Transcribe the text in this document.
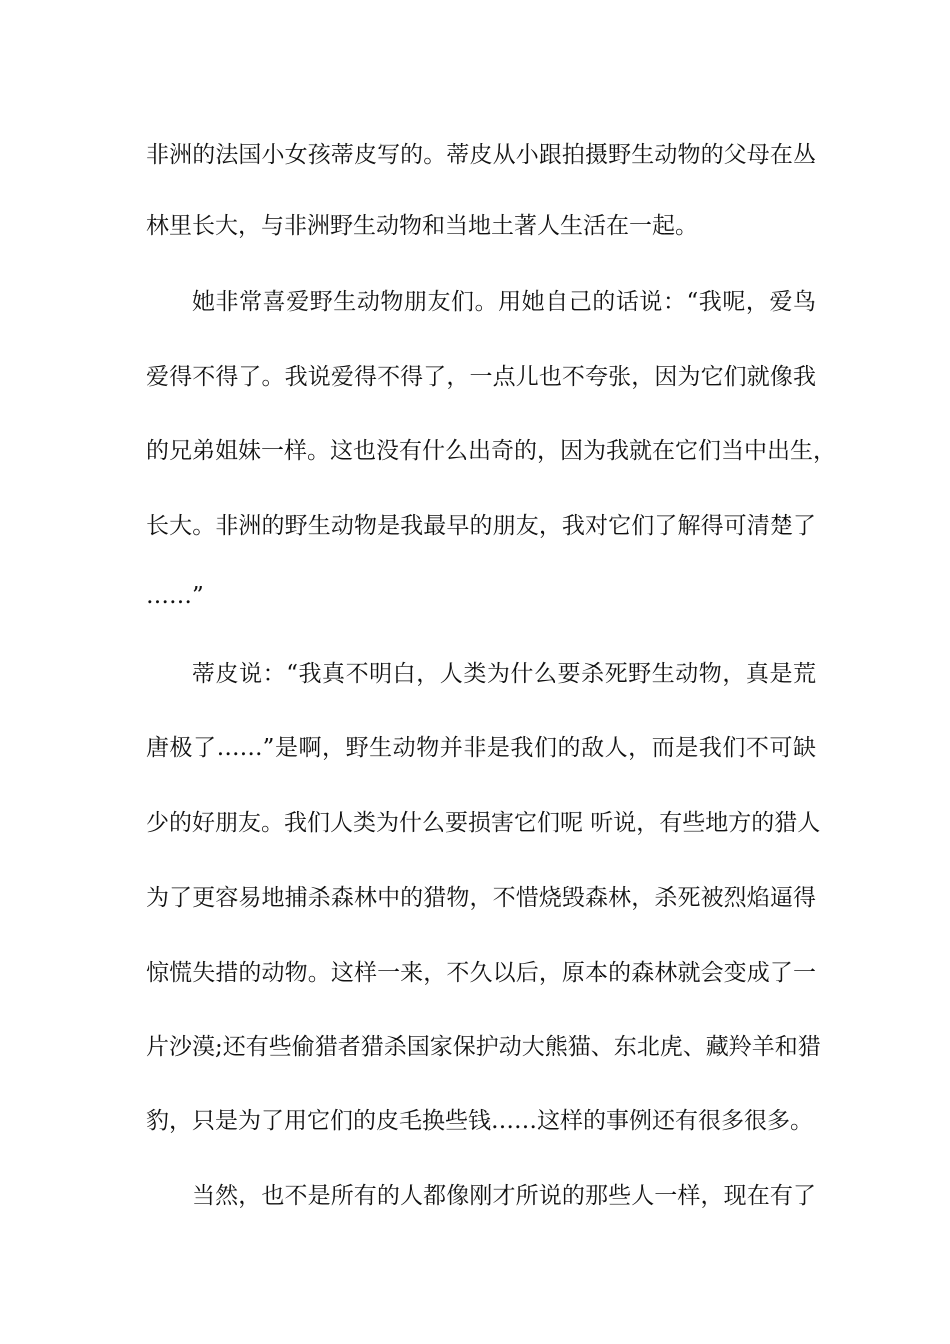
非洲的法国小女孩蒂皮写的。蒂皮从小跟拍摄野生动物的父母在丛
林里长大，与非洲野生动物和当地土著人生活在一起。
她非常喜爱野生动物朋友们。用她自己的话说：“我呢，爱鸟
爱得不得了。我说爱得不得了，一点儿也不夸张，因为它们就像我
的兄弟姐妹一样。这也没有什么出奇的，因为我就在它们当中出生，
长大。非洲的野生动物是我最早的朋友，我对它们了解得可清楚了
……”
蒂皮说：“我真不明白，人类为什么要杀死野生动物，真是荒
唐极了……”是啊，野生动物并非是我们的敌人，而是我们不可缺
少的好朋友。我们人类为什么要损害它们呢 听说，有些地方的猎人
为了更容易地捕杀森林中的猎物，不惜烧毁森林，杀死被烈焰逼得
惊慌失措的动物。这样一来，不久以后，原本的森林就会变成了一
片沙漠;还有些偷猎者猎杀国家保护动大熊猫、东北虎、藏羚羊和猎
豹，只是为了用它们的皮毛换些钱……这样的事例还有很多很多。
当然，也不是所有的人都像刚才所说的那些人一样，现在有了
